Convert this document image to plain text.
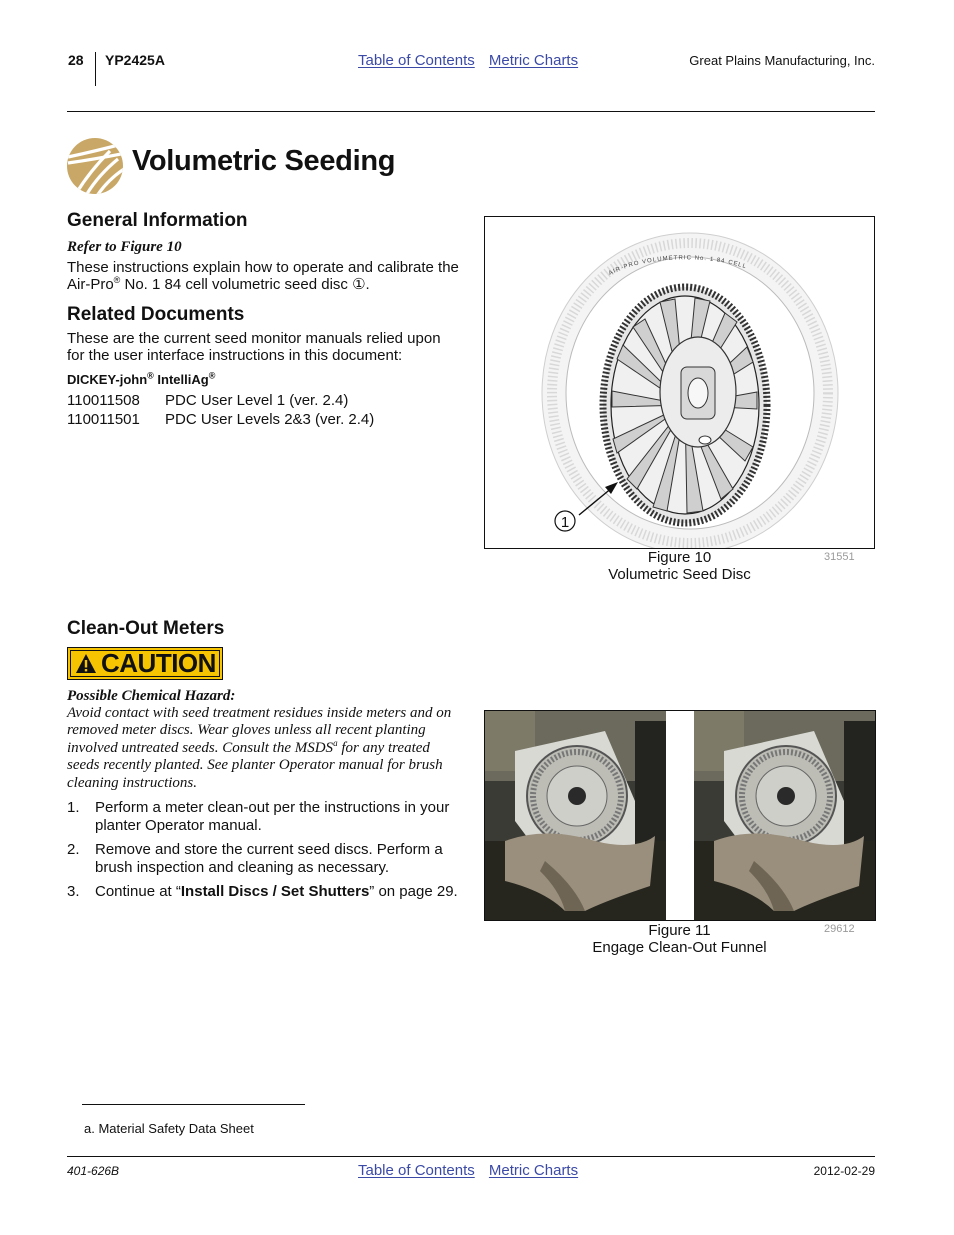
28 YP2425A	Table of Contents Metric Charts	Great Plains Manufacturing, Inc.
Volumetric Seeding
General Information
Refer to Figure 10
These instructions explain how to operate and calibrate the Air-Pro® No. 1 84 cell volumetric seed disc ①.
Related Documents
These are the current seed monitor manuals relied upon for the user interface instructions in this document:
DICKEY-john® IntelliAg®
110011508 PDC User Level 1 (ver. 2.4)
110011501 PDC User Levels 2&3 (ver. 2.4)
AIR-PRO VOLUMETRIC No. 1 84 CELL
1
Figure 10
Volumetric Seed Disc
31551
Clean-Out Meters
CAUTION
Possible Chemical Hazard:
Avoid contact with seed treatment residues inside meters and on removed meter discs. Wear gloves unless all recent planting involved untreated seeds. Consult the MSDS$^a$ for any treated seeds recently planted. See planter Operator manual for brush cleaning instructions.
1. Perform a meter clean-out per the instructions in your planter Operator manual.
2. Remove and store the current seed discs. Perform a brush inspection and cleaning as necessary.
3. Continue at “Install Discs / Set Shutters” on page 29.
Figure 11
Engage Clean-Out Funnel
29612
a. Material Safety Data Sheet
401-626B	Table of Contents Metric Charts	2012-02-29
